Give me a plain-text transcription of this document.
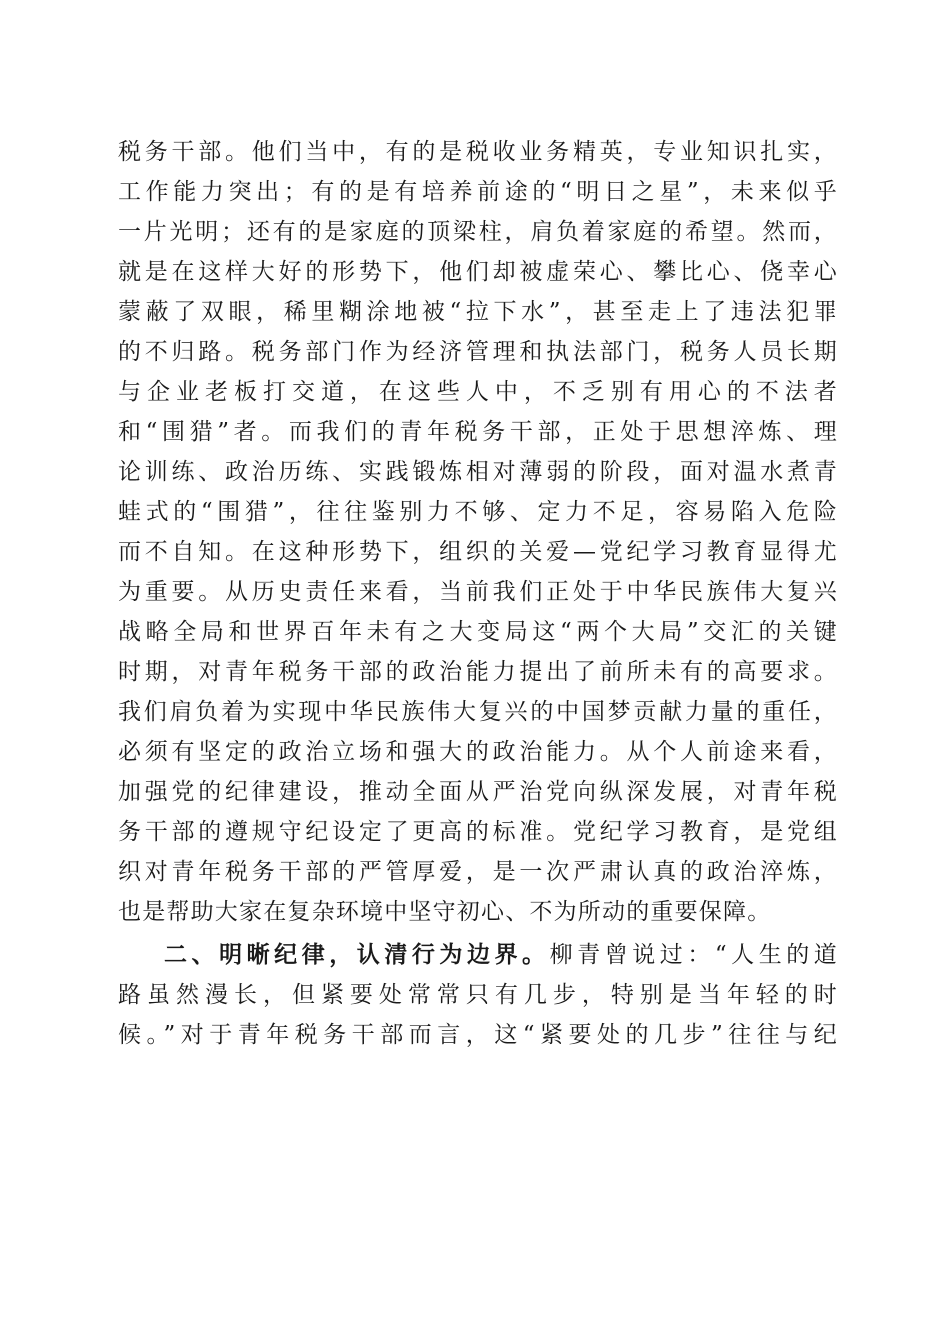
税务干部。他们当中，有的是税收业务精英，专业知识扎实，
工作能力突出；有的是有培养前途的“明日之星”，未来似乎
一片光明；还有的是家庭的顶梁柱，肩负着家庭的希望。然而，
就是在这样大好的形势下，他们却被虚荣心、攀比心、侥幸心
蒙蔽了双眼，稀里糊涂地被“拉下水”，甚至走上了违法犯罪
的不归路。税务部门作为经济管理和执法部门，税务人员长期
与企业老板打交道，在这些人中，不乏别有用心的不法者
和“围猎”者。而我们的青年税务干部，正处于思想淬炼、理
论训练、政治历练、实践锻炼相对薄弱的阶段，面对温水煮青
蛙式的“围猎”，往往鉴别力不够、定力不足，容易陷入危险
而不自知。在这种形势下，组织的关爱—党纪学习教育显得尤
为重要。从历史责任来看，当前我们正处于中华民族伟大复兴
战略全局和世界百年未有之大变局这“两个大局”交汇的关键
时期，对青年税务干部的政治能力提出了前所未有的高要求。
我们肩负着为实现中华民族伟大复兴的中国梦贡献力量的重任，
必须有坚定的政治立场和强大的政治能力。从个人前途来看，
加强党的纪律建设，推动全面从严治党向纵深发展，对青年税
务干部的遵规守纪设定了更高的标准。党纪学习教育，是党组
织对青年税务干部的严管厚爱，是一次严肃认真的政治淬炼，
也是帮助大家在复杂环境中坚守初心、不为所动的重要保障。
二、明晰纪律，认清行为边界。柳青曾说过：“人生的道
路虽然漫长，但紧要处常常只有几步，特别是当年轻的时
候。”对于青年税务干部而言，这“紧要处的几步”往往与纪
